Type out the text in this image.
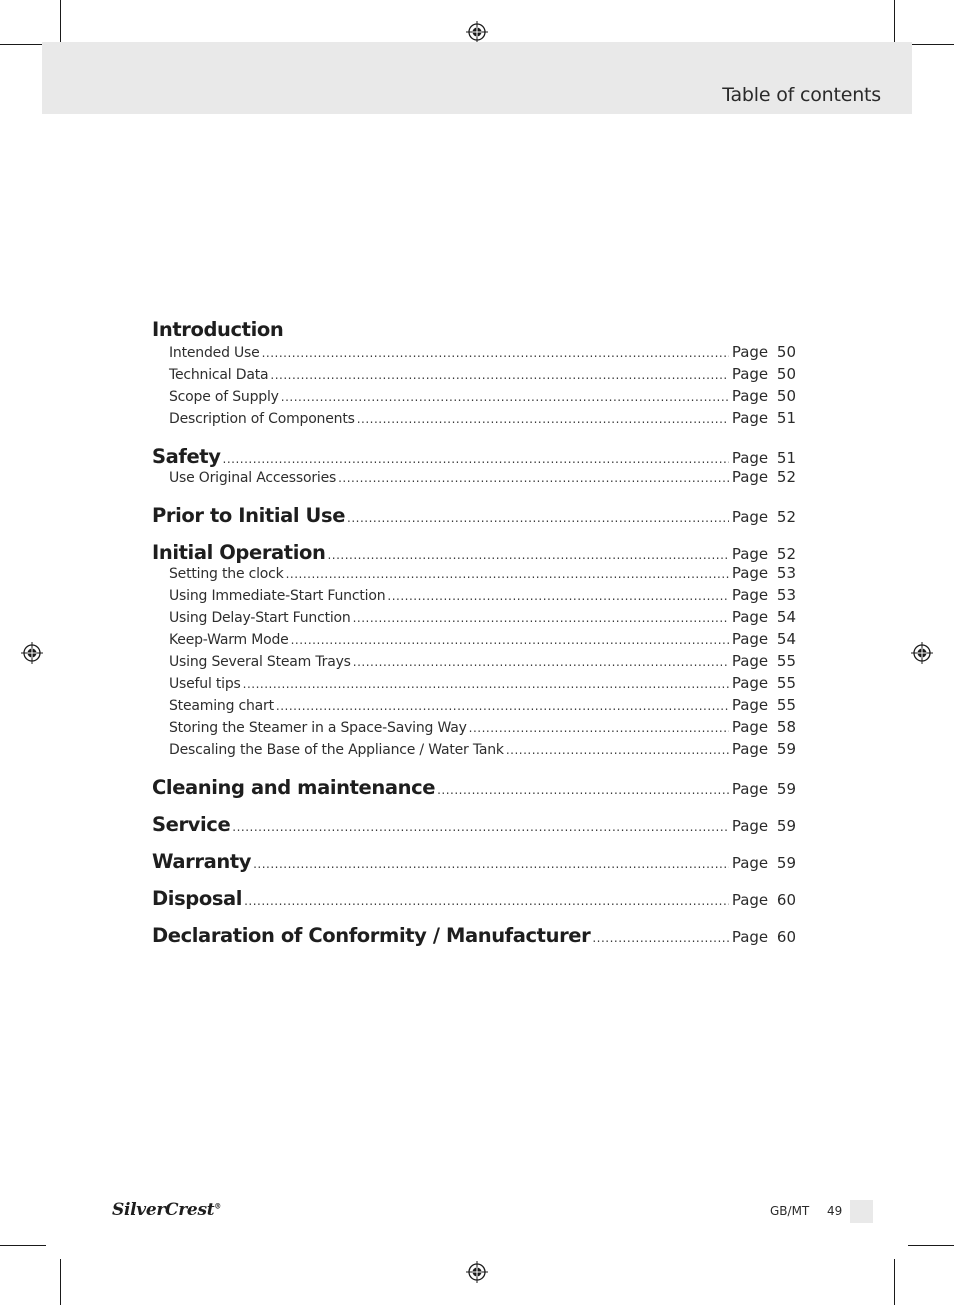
Table of contents
Introduction
Intended Use .....	Page 50
Technical Data .....	Page 50
Scope of Supply .....	Page 50
Description of Components .....	Page 51
Safety .....	Page 51
Use Original Accessories .....	Page 52
Prior to Initial Use .....	Page 52
Initial Operation .....	Page 52
Setting the clock .....	Page 53
Using Immediate-Start Function .....	Page 53
Using Delay-Start Function .....	Page 54
Keep-Warm Mode .....	Page 54
Using Several Steam Trays .....	Page 55
Useful tips .....	Page 55
Steaming chart .....	Page 55
Storing the Steamer in a Space-Saving Way .....	Page 58
Descaling the Base of the Appliance / Water Tank .....	Page 59
Cleaning and maintenance .....	Page 59
Service .....	Page 59
Warranty .....	Page 59
Disposal .....	Page 60
Declaration of Conformity / Manufacturer .....	Page 60
SilverCrest®	GB/MT 49
